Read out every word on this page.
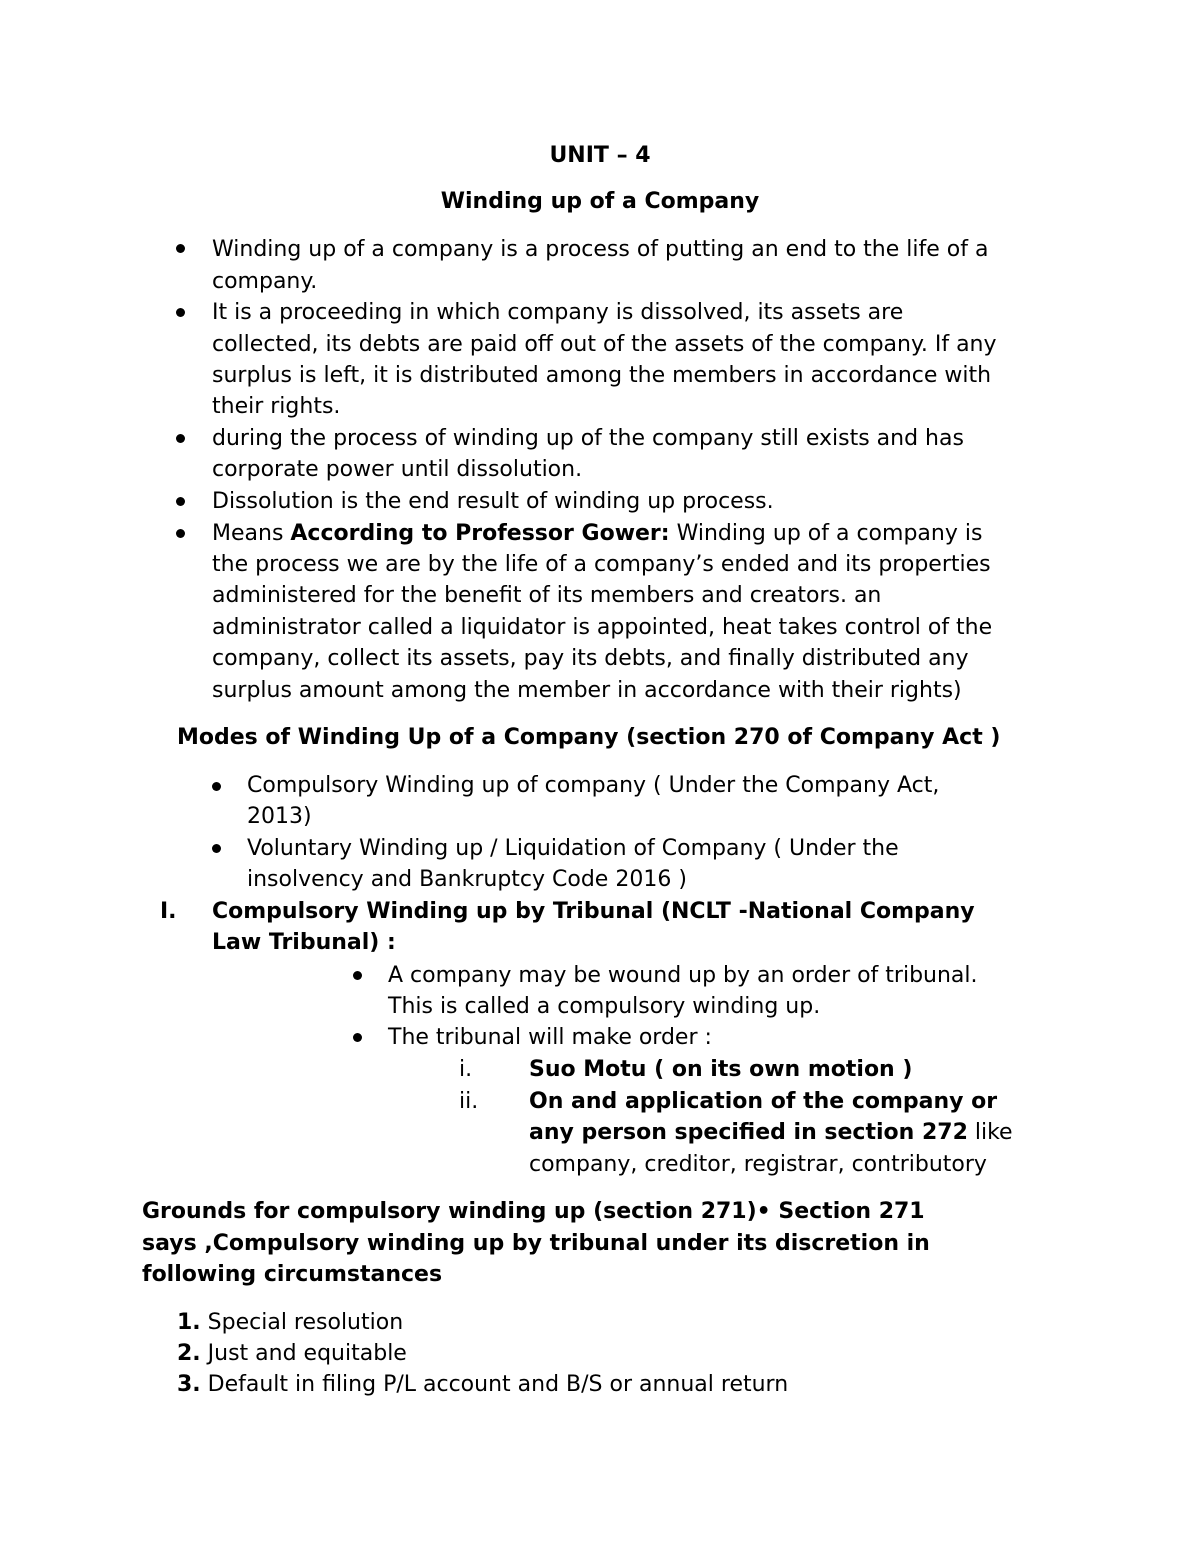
UNIT – 4
Winding up of a Company
Winding up of a company is a process of putting an end to the life of a
company.
It is a proceeding in which company is dissolved, its assets are
collected, its debts are paid off out of the assets of the company. If any
surplus is left, it is distributed among the members in accordance with
their rights.
during the process of winding up of the company still exists and has
corporate power until dissolution.
Dissolution is the end result of winding up process.
Means According to Professor Gower: Winding up of a company is
the process we are by the life of a company’s ended and its properties
administered for the benefit of its members and creators. an
administrator called a liquidator is appointed, heat takes control of the
company, collect its assets, pay its debts, and finally distributed any
surplus amount among the member in accordance with their rights)
Modes of Winding Up of a Company (section 270 of Company Act )
Compulsory Winding up of company ( Under the Company Act,
2013)
Voluntary Winding up / Liquidation of Company ( Under the
insolvency and Bankruptcy Code 2016 )
I. Compulsory Winding up by Tribunal (NCLT -National Company
Law Tribunal) :
A company may be wound up by an order of tribunal.
This is called a compulsory winding up.
The tribunal will make order :
i.	Suo Motu ( on its own motion )
ii. On and application of the company or
any person specified in section 272 like
company, creditor, registrar, contributory
Grounds for compulsory winding up (section 271)• Section 271
says ,Compulsory winding up by tribunal under its discretion in
following circumstances
1. Special resolution
2. Just and equitable
3. Default in filing P/L account and B/S or annual return
